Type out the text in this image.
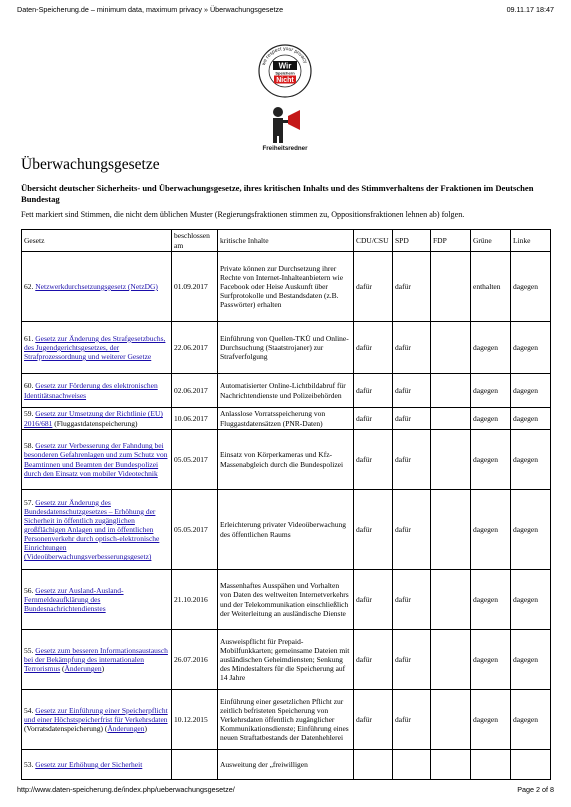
Daten-Speicherung.de – minimum data, maximum privacy » Überwachungsgesetze	09.11.17 18:47
we respect your privacy
Wir
Speichern
Nicht
Freiheitsredner
Überwachungsgesetze

Übersicht deutscher Sicherheits- und Überwachungsgesetze, ihres kritischen Inhalts und des Stimmverhaltens der Fraktionen im Deutschen Bundestag

Fett markiert sind Stimmen, die nicht dem üblichen Muster (Regierungsfraktionen stimmen zu, Oppositionsfraktionen lehnen ab) folgen.

Gesetz	beschlossen am	kritische Inhalte	CDU/CSU	SPD	FDP	Grüne	Linke
62. Netzwerkdurchsetzungsgesetz (NetzDG)	01.09.2017	Private können zur Durchsetzung ihrer Rechte von Internet-Inhalteanbietern wie Facebook oder Heise Auskunft über Surfprotokolle und Bestandsdaten (z.B. Passwörter) erhalten	dafür	dafür		enthalten	dagegen
61. Gesetz zur Änderung des Strafgesetzbuchs, des Jugendgerichtsgesetzes, der Strafprozessordnung und weiterer Gesetze	22.06.2017	Einführung von Quellen-TKÜ und Online-Durchsuchung (Staatstrojaner) zur Strafverfolgung	dafür	dafür		dagegen	dagegen
60. Gesetz zur Förderung des elektronischen Identitätsnachweises	02.06.2017	Automatisierter Online-Lichtbildabruf für Nachrichtendienste und Polizeibehörden	dafür	dafür		dagegen	dagegen
59. Gesetz zur Umsetzung der Richtlinie (EU) 2016/681 (Fluggastdatenspeicherung)	10.06.2017	Anlasslose Vorratsspeicherung von Fluggastdatensätzen (PNR-Daten)	dafür	dafür		dagegen	dagegen
58. Gesetz zur Verbesserung der Fahndung bei besonderen Gefahrenlagen und zum Schutz von Beamtinnen und Beamten der Bundespolizei durch den Einsatz von mobiler Videotechnik	05.05.2017	Einsatz von Körperkameras und Kfz-Massenabgleich durch die Bundespolizei	dafür	dafür		dagegen	dagegen
57. Gesetz zur Änderung des Bundesdatenschutzgesetzes – Erhöhung der Sicherheit in öffentlich zugänglichen großflächigen Anlagen und im öffentlichen Personenverkehr durch optisch-elektronische Einrichtungen (Videoüberwachungsverbesserungsgesetz)	05.05.2017	Erleichterung privater Videoüberwachung des öffentlichen Raums	dafür	dafür		dagegen	dagegen
56. Gesetz zur Ausland-Ausland-Fernmeldeaufklärung des Bundesnachrichtendienstes	21.10.2016	Massenhaftes Ausspähen und Vorhalten von Daten des weltweiten Internetverkehrs und der Telekommunikation einschließlich der Weiterleitung an ausländische Dienste	dafür	dafür		dagegen	dagegen
55. Gesetz zum besseren Informationsaustausch bei der Bekämpfung des internationalen Terrorismus (Änderungen)	26.07.2016	Ausweispflicht für Prepaid-Mobilfunkkarten; gemeinsame Dateien mit ausländischen Geheimdiensten; Senkung des Mindestalters für die Speicherung auf 14 Jahre	dafür	dafür		dagegen	dagegen
54. Gesetz zur Einführung einer Speicherpflicht und einer Höchstspeicherfrist für Verkehrsdaten (Vorratsdatenspeicherung) (Änderungen)	10.12.2015	Einführung einer gesetzlichen Pflicht zur zeitlich befristeten Speicherung von Verkehrsdaten öffentlich zugänglicher Kommunikationsdienste; Einführung eines neuen Straftatbestands der Datenhehlerei	dafür	dafür		dagegen	dagegen
53. Gesetz zur Erhöhung der Sicherheit		Ausweitung der „freiwilligen					
http://www.daten-speicherung.de/index.php/ueberwachungsgesetze/	Page 2 of 8
